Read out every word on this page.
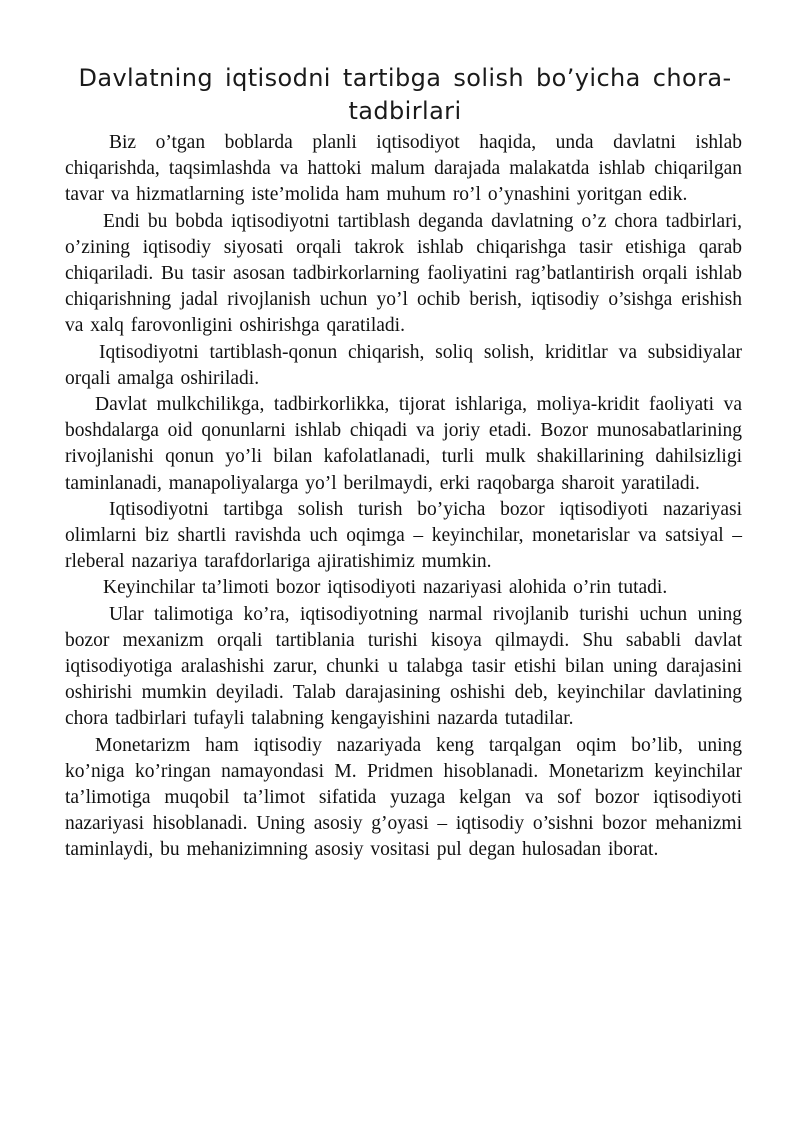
Davlatning iqtisodni tartibga solish bo’yicha chora-tadbirlari

Biz o’tgan boblarda planli iqtisodiyot haqida, unda davlatni ishlab chiqarishda, taqsimlashda va hattoki malum darajada malakatda ishlab chiqarilgan tavar va hizmatlarning iste’molida ham muhum ro’l o’ynashini yoritgan edik.

Endi bu bobda iqtisodiyotni tartiblash deganda davlatning o’z chora tadbirlari, o’zining iqtisodiy siyosati orqali takrok ishlab chiqarishga tasir etishiga qarab chiqariladi. Bu tasir asosan tadbirkorlarning faoliyatini rag’batlantirish orqali ishlab chiqarishning jadal rivojlanish uchun yo’l ochib berish, iqtisodiy o’sishga erishish va xalq farovonligini oshirishga qaratiladi.

Iqtisodiyotni tartiblash-qonun chiqarish, soliq solish, kriditlar va subsidiyalar orqali amalga oshiriladi.

Davlat mulkchilikga, tadbirkorlikka, tijorat ishlariga, moliya-kridit faoliyati va boshdalarga oid qonunlarni ishlab chiqadi va joriy etadi. Bozor munosabatlarining rivojlanishi qonun yo’li bilan kafolatlanadi, turli mulk shakillarining dahilsizligi taminlanadi, manapoliyalarga yo’l berilmaydi, erki raqobarga sharoit yaratiladi.

Iqtisodiyotni tartibga solish turish bo’yicha bozor iqtisodiyoti nazariyasi olimlarni biz shartli ravishda uch oqimga – keyinchilar, monetarislar va satsiyal – rleberal nazariya tarafdorlariga ajiratishimiz mumkin.

Keyinchilar ta’limoti bozor iqtisodiyoti nazariyasi alohida o’rin tutadi.

Ular talimotiga ko’ra, iqtisodiyotning narmal rivojlanib turishi uchun uning bozor mexanizm orqali tartiblania turishi kisoya qilmaydi. Shu sababli davlat iqtisodiyotiga aralashishi zarur, chunki u talabga tasir etishi bilan uning darajasini oshirishi mumkin deyiladi. Talab darajasining oshishi deb, keyinchilar davlatining chora tadbirlari tufayli talabning kengayishini nazarda tutadilar.

Monetarizm ham iqtisodiy nazariyada keng tarqalgan oqim bo’lib, uning ko’niga ko’ringan namayondasi M. Pridmen hisoblanadi. Monetarizm keyinchilar ta’limotiga muqobil ta’limot sifatida yuzaga kelgan va sof bozor iqtisodiyoti nazariyasi hisoblanadi. Uning asosiy g’oyasi – iqtisodiy o’sishni bozor mehanizmi taminlaydi, bu mehanizimning asosiy vositasi pul degan hulosadan iborat.
